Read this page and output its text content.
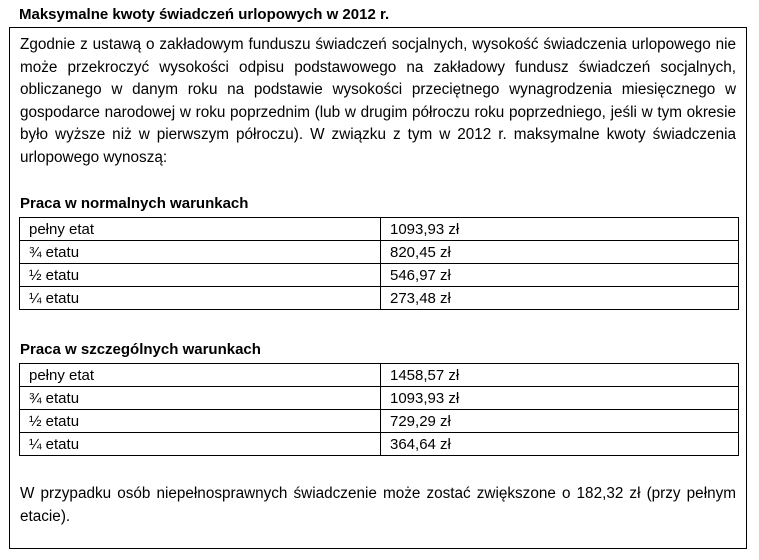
Maksymalne kwoty świadczeń urlopowych w 2012 r.

Zgodnie z ustawą o zakładowym funduszu świadczeń socjalnych, wysokość świadczenia urlopowego nie może przekroczyć wysokości odpisu podstawowego na zakładowy fundusz świadczeń socjalnych, obliczanego w danym roku na podstawie wysokości przeciętnego wynagrodzenia miesięcznego w gospodarce narodowej w roku poprzednim (lub w drugim półroczu roku poprzedniego, jeśli w tym okresie było wyższe niż w pierwszym półroczu). W związku z tym w 2012 r. maksymalne kwoty świadczenia urlopowego wynoszą:

Praca w normalnych warunkach
pełny etat	1093,93 zł
¾ etatu	820,45 zł
½ etatu	546,97 zł
¼ etatu	273,48 zł
Praca w szczególnych warunkach
pełny etat	1458,57 zł
¾ etatu	1093,93 zł
½ etatu	729,29 zł
¼ etatu	364,64 zł

W przypadku osób niepełnosprawnych świadczenie może zostać zwiększone o 182,32 zł (przy pełnym etacie).
